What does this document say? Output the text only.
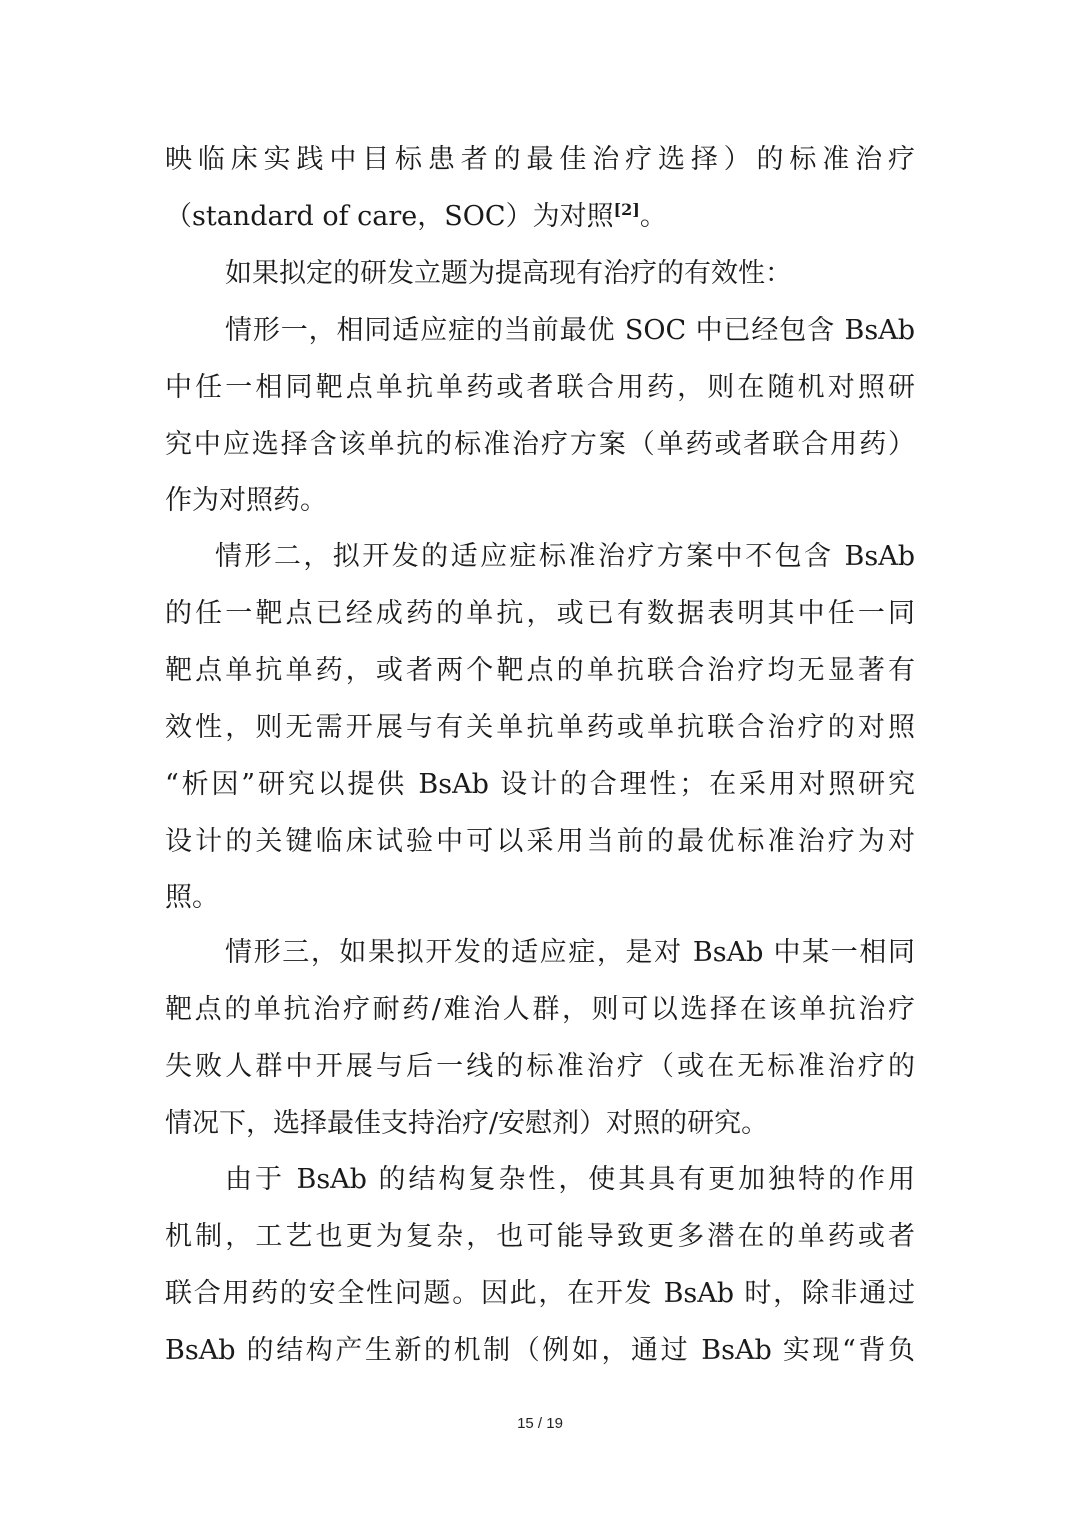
映临床实践中目标患者的最佳治疗选择）的标准治疗
（standard of care，SOC）为对照[2]。
如果拟定的研发立题为提高现有治疗的有效性：
情形一，相同适应症的当前最优 SOC 中已经包含 BsAb
中任一相同靶点单抗单药或者联合用药，则在随机对照研
究中应选择含该单抗的标准治疗方案（单药或者联合用药）
作为对照药。
情形二，拟开发的适应症标准治疗方案中不包含 BsAb
的任一靶点已经成药的单抗，或已有数据表明其中任一同
靶点单抗单药，或者两个靶点的单抗联合治疗均无显著有
效性，则无需开展与有关单抗单药或单抗联合治疗的对照
“析因”研究以提供 BsAb 设计的合理性；在采用对照研究
设计的关键临床试验中可以采用当前的最优标准治疗为对
照。
情形三，如果拟开发的适应症，是对 BsAb 中某一相同
靶点的单抗治疗耐药/难治人群，则可以选择在该单抗治疗
失败人群中开展与后一线的标准治疗（或在无标准治疗的
情况下，选择最佳支持治疗/安慰剂）对照的研究。
由于 BsAb 的结构复杂性，使其具有更加独特的作用
机制，工艺也更为复杂，也可能导致更多潜在的单药或者
联合用药的安全性问题。因此，在开发 BsAb 时，除非通过
BsAb 的结构产生新的机制（例如，通过 BsAb 实现“背负
15 / 19
